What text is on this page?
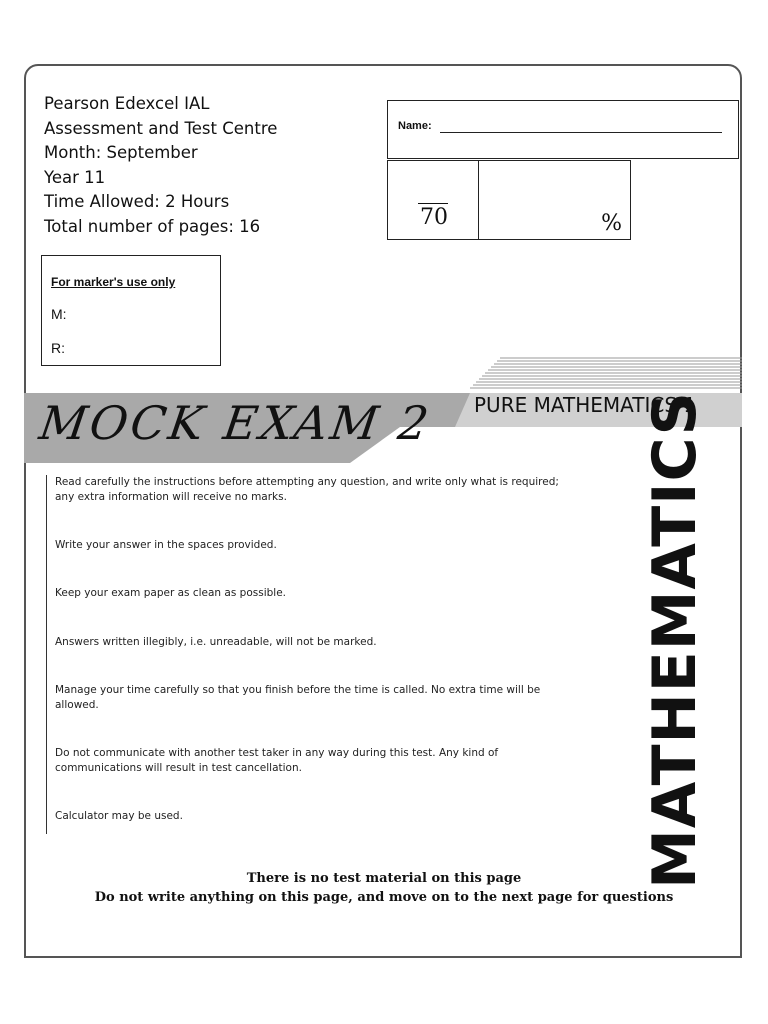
Pearson Edexcel IAL
Assessment and Test Centre
Month: September
Year 11
Time Allowed: 2 Hours
Total number of pages: 16
Name:
70	%
For marker's use only
M:
R:
MOCK EXAM 2 PURE MATHEMATICS 1
Read carefully the instructions before attempting any question, and write only what is required; any extra information will receive no marks.
Write your answer in the spaces provided.
Keep your exam paper as clean as possible.
Answers written illegibly, i.e. unreadable, will not be marked.
Manage your time carefully so that you finish before the time is called. No extra time will be allowed.
Do not communicate with another test taker in any way during this test. Any kind of communications will result in test cancellation.
Calculator may be used.	MATHEMATICS
There is no test material on this page
Do not write anything on this page, and move on to the next page for questions
